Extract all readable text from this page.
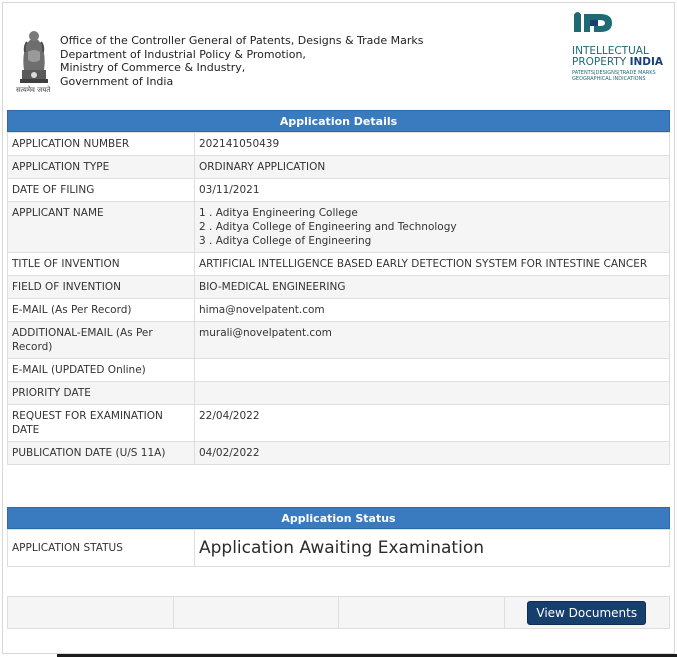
सत्यमेव जयते
Office of the Controller General of Patents, Designs & Trade Marks
Department of Industrial Policy & Promotion,
Ministry of Commerce & Industry,
Government of India
INTELLECTUAL
PROPERTY INDIA
PATENTS|DESIGNS|TRADE MARKS
GEOGRAPHICAL INDICATIONS
Application Details
APPLICATION NUMBER	202141050439
APPLICATION TYPE	ORDINARY APPLICATION
DATE OF FILING	03/11/2021
APPLICANT NAME	1 . Aditya Engineering College
2 . Aditya College of Engineering and Technology
3 . Aditya College of Engineering

TITLE OF INVENTION	ARTIFICIAL INTELLIGENCE BASED EARLY DETECTION SYSTEM FOR INTESTINE CANCER
FIELD OF INVENTION	BIO-MEDICAL ENGINEERING
E-MAIL (As Per Record)	hima@novelpatent.com
ADDITIONAL-EMAIL (As Per Record)	murali@novelpatent.com
E-MAIL (UPDATED Online)	
PRIORITY DATE	
REQUEST FOR EXAMINATION DATE	22/04/2022
PUBLICATION DATE (U/S 11A)	04/02/2022
Application Status
APPLICATION STATUS	Application Awaiting Examination
View Documents
